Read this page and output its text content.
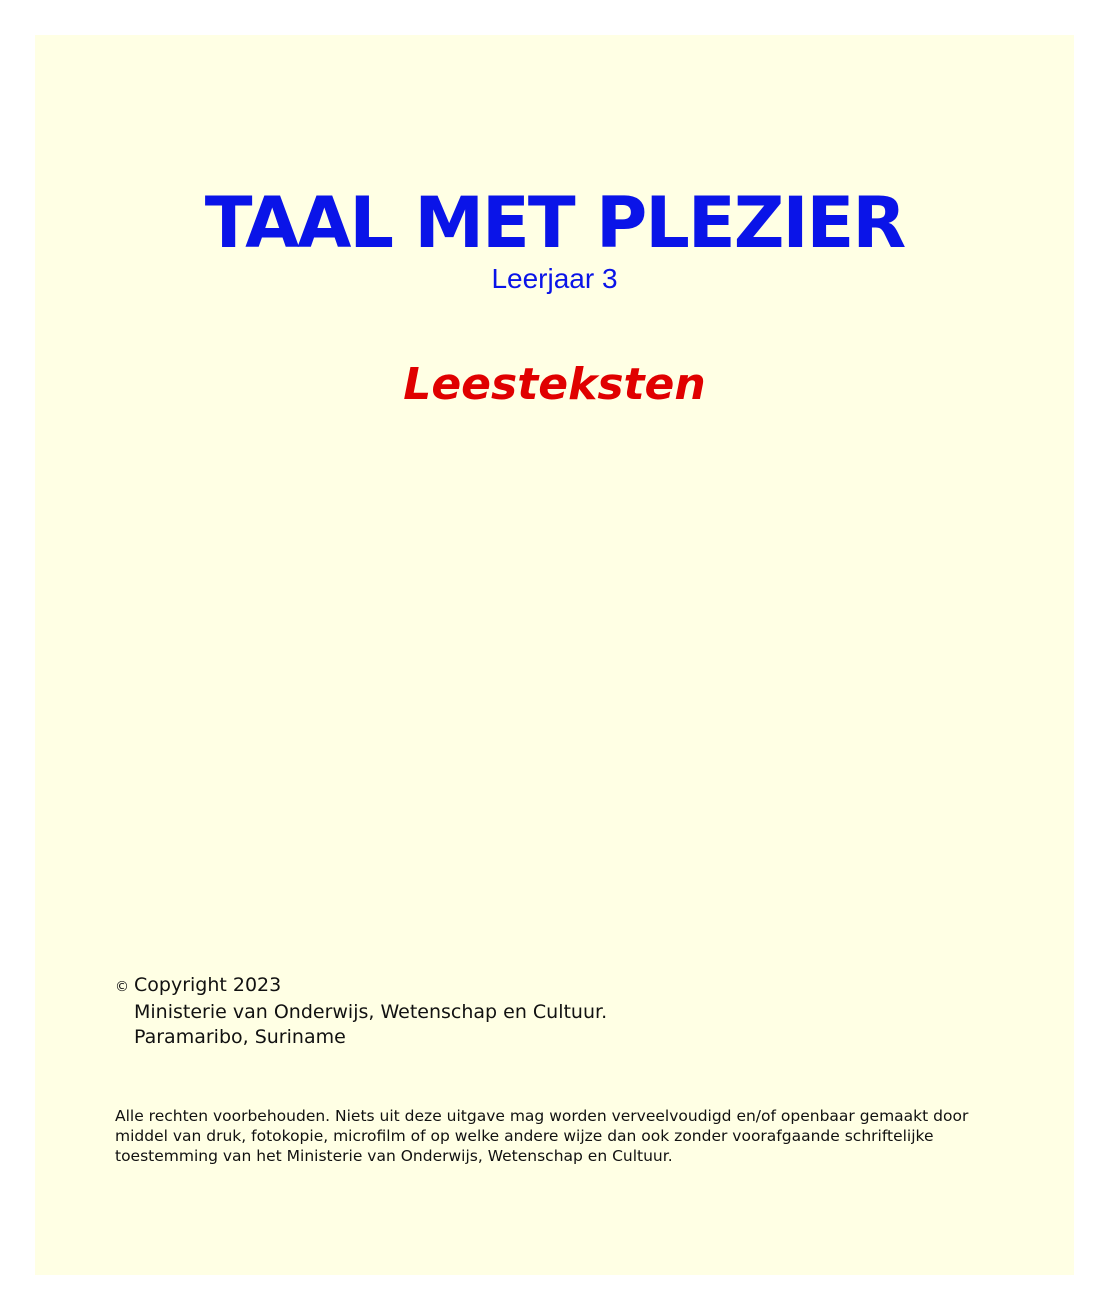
TAAL MET PLEZIER
Leerjaar 3
Leesteksten
© Copyright 2023
Ministerie van Onderwijs, Wetenschap en Cultuur.
Paramaribo, Suriname
Alle rechten voorbehouden. Niets uit deze uitgave mag worden verveelvoudigd en/of openbaar gemaakt door
middel van druk, fotokopie, microfilm of op welke andere wijze dan ook zonder voorafgaande schriftelijke
toestemming van het Ministerie van Onderwijs, Wetenschap en Cultuur.
